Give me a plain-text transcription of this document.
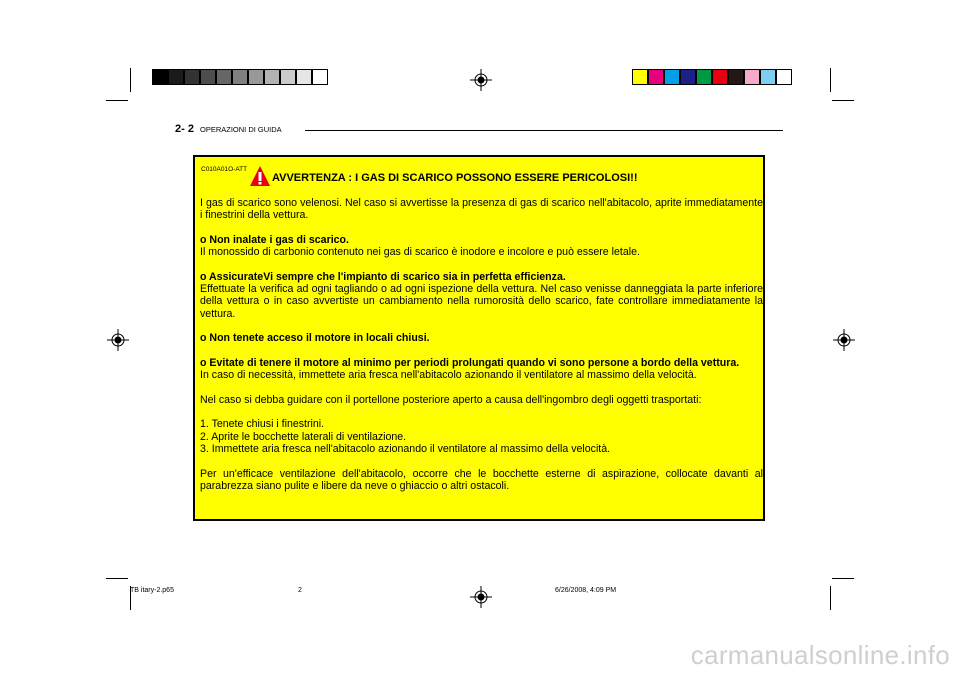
2- 2 OPERAZIONI DI GUIDA
C010A01O-ATT
AVVERTENZA : I GAS DI SCARICO POSSONO ESSERE PERICOLOSI!!

I gas di scarico sono velenosi. Nel caso si avvertisse la presenza di gas di scarico nell'abitacolo, aprite immediatamente i finestrini della vettura.

o Non inalate i gas di scarico.

Il monossido di carbonio contenuto nei gas di scarico è inodore e incolore e può essere letale.

o AssicurateVi sempre che l'impianto di scarico sia in perfetta efficienza.

Effettuate la verifica ad ogni tagliando o ad ogni ispezione della vettura. Nel caso venisse danneggiata la parte inferiore della vettura o in caso avvertiste un cambiamento nella rumorosità dello scarico, fate controllare immediatamente la vettura.

o Non tenete acceso il motore in locali chiusi.

o Evitate di tenere il motore al minimo per periodi prolungati quando vi sono persone a bordo della vettura.

In caso di necessità, immettete aria fresca nell'abitacolo azionando il ventilatore al massimo della velocità.

Nel caso si debba guidare con il portellone posteriore aperto a causa dell'ingombro degli oggetti trasportati:

1. Tenete chiusi i finestrini.

2. Aprite le bocchette laterali di ventilazione.

3. Immettete aria fresca nell'abitacolo azionando il ventilatore al massimo della velocità.

Per un'efficace ventilazione dell'abitacolo, occorre che le bocchette esterne di aspirazione, collocate davanti al parabrezza siano pulite e libere da neve o ghiaccio o altri ostacoli.

TB itary-2.p65	2	6/26/2008, 4:09 PM
carmanualsonline.info
